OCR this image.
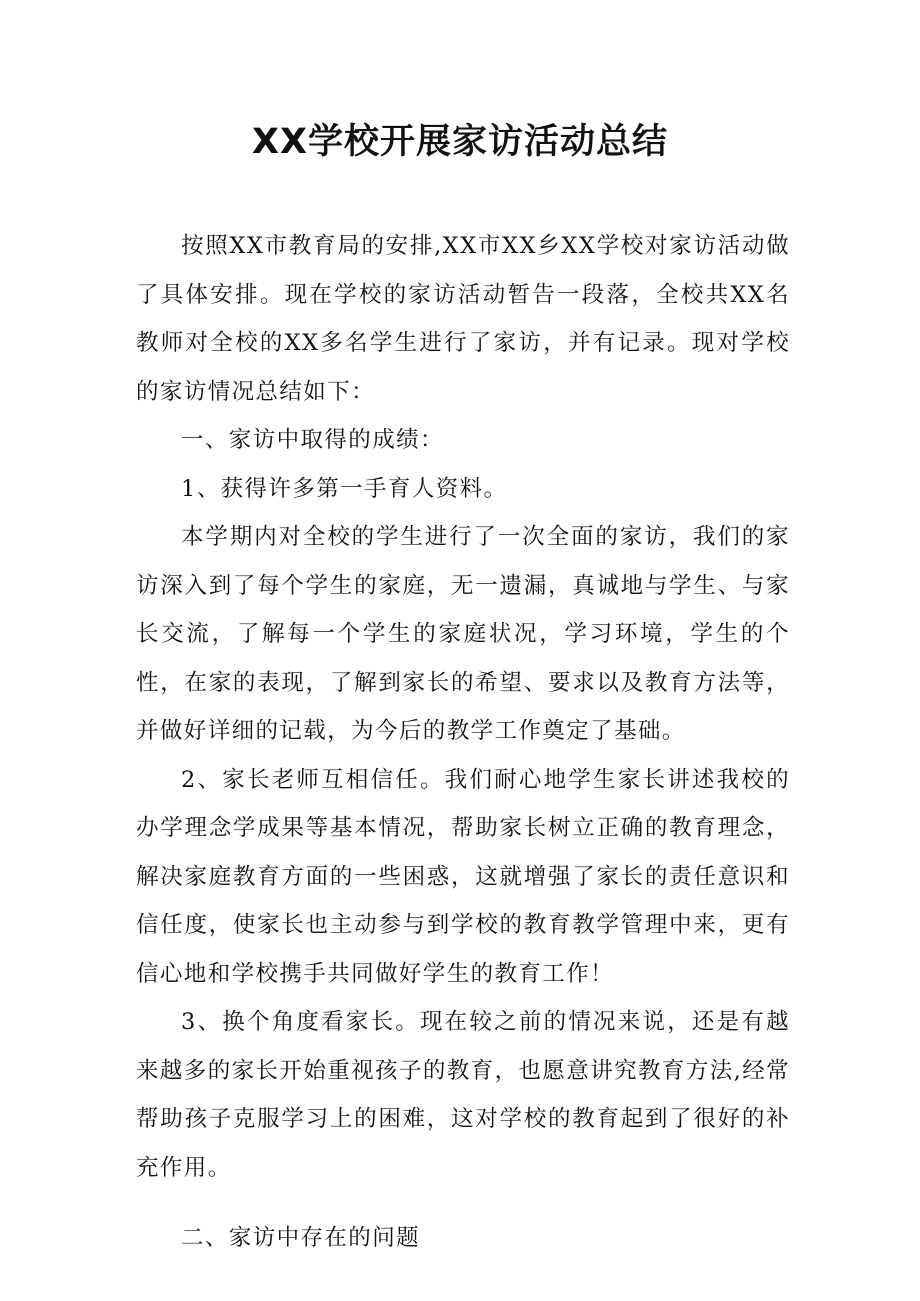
XX学校开展家访活动总结

按照XX市教育局的安排,XX市XX乡XX学校对家访活动做了具体安排。现在学校的家访活动暂告一段落，全校共XX名教师对全校的XX多名学生进行了家访，并有记录。现对学校的家访情况总结如下：

一、家访中取得的成绩：

1、获得许多第一手育人资料。

本学期内对全校的学生进行了一次全面的家访，我们的家访深入到了每个学生的家庭，无一遗漏，真诚地与学生、与家长交流，了解每一个学生的家庭状况，学习环境，学生的个性，在家的表现，了解到家长的希望、要求以及教育方法等，并做好详细的记载，为今后的教学工作奠定了基础。

2、家长老师互相信任。我们耐心地学生家长讲述我校的办学理念学成果等基本情况，帮助家长树立正确的教育理念，解决家庭教育方面的一些困惑，这就增强了家长的责任意识和信任度，使家长也主动参与到学校的教育教学管理中来，更有信心地和学校携手共同做好学生的教育工作！

3、换个角度看家长。现在较之前的情况来说，还是有越来越多的家长开始重视孩子的教育，也愿意讲究教育方法,经常帮助孩子克服学习上的困难，这对学校的教育起到了很好的补充作用。

二、家访中存在的问题
